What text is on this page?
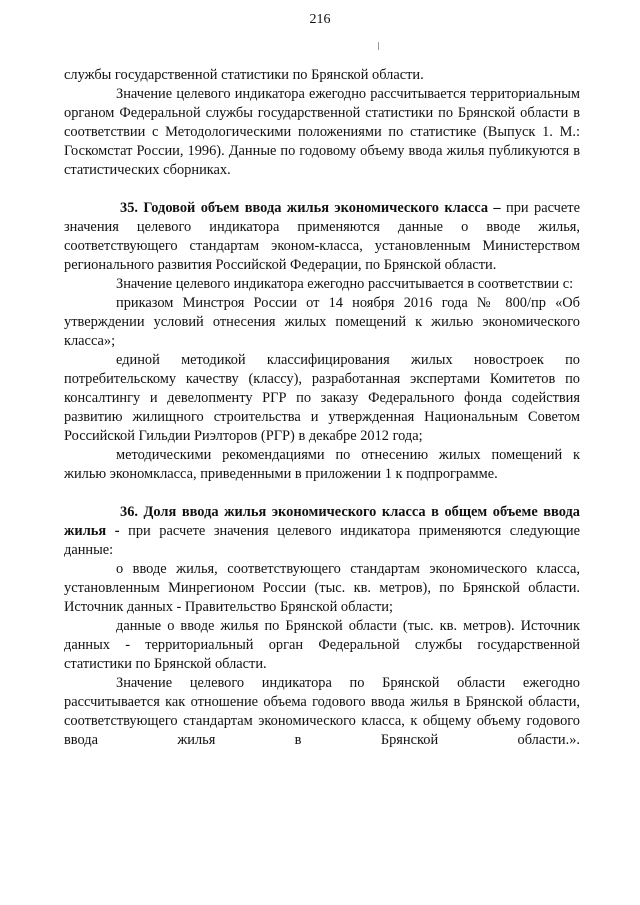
216

службы государственной статистики по Брянской области.

Значение целевого индикатора ежегодно рассчитывается территориальным органом Федеральной службы государственной статистики по Брянской области в соответствии с Методологическими положениями по статистике (Выпуск 1. М.: Госкомстат России, 1996). Данные по годовому объему ввода жилья публикуются в статистических сборниках.

35. Годовой объем ввода жилья экономического класса – при расчете значения целевого индикатора применяются данные о вводе жилья, соответствующего стандартам эконом-класса, установленным Министерством регионального развития Российской Федерации, по Брянской области.

Значение целевого индикатора ежегодно рассчитывается в соответствии с:

приказом Минстроя России от 14 ноября 2016 года № 800/пр «Об утверждении условий отнесения жилых помещений к жилью экономического класса»;

единой методикой классифицирования жилых новостроек по потребительскому качеству (классу), разработанная экспертами Комитетов по консалтингу и девелопменту РГР по заказу Федерального фонда содействия развитию жилищного строительства и утвержденная Национальным Советом Российской Гильдии Риэлторов (РГР) в декабре 2012 года;

методическими рекомендациями по отнесению жилых помещений к жилью экономкласса, приведенными в приложении 1 к подпрограмме.

36. Доля ввода жилья экономического класса в общем объеме ввода жилья - при расчете значения целевого индикатора применяются следующие данные:

о вводе жилья, соответствующего стандартам экономического класса, установленным Минрегионом России (тыс. кв. метров), по Брянской области. Источник данных - Правительство Брянской области;

данные о вводе жилья по Брянской области (тыс. кв. метров). Источник данных - территориальный орган Федеральной службы государственной статистики по Брянской области.

Значение целевого индикатора по Брянской области ежегодно рассчитывается как отношение объема годового ввода жилья в Брянской области, соответствующего стандартам экономического класса, к общему объему годового ввода жилья в Брянской области.».
